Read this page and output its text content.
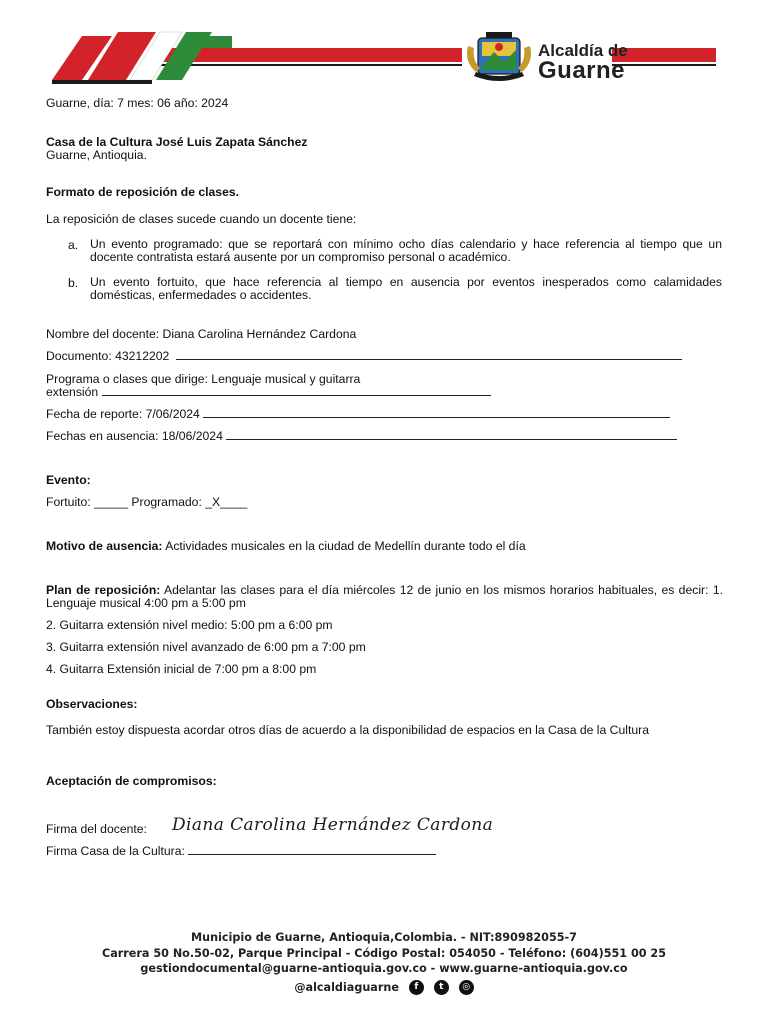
Alcaldía de
Guarne
Guarne, día: 7 mes: 06 año: 2024
Casa de la Cultura José Luis Zapata Sánchez
Guarne, Antioquia.
Formato de reposición de clases.
La reposición de clases sucede cuando un docente tiene:
a. Un evento programado: que se reportará con mínimo ocho días calendario y hace referencia al tiempo que un docente contratista estará ausente por un compromiso personal o académico.
b. Un evento fortuito, que hace referencia al tiempo en ausencia por eventos inesperados como calamidades domésticas, enfermedades o accidentes.
Nombre del docente: Diana Carolina Hernández Cardona
Documento: 43212202
Programa o clases que dirige: Lenguaje musical y guitarra
extensión
Fecha de reporte: 7/06/2024
Fechas en ausencia: 18/06/2024
Evento:
Fortuito: _____ Programado: _X____
Motivo de ausencia: Actividades musicales en la ciudad de Medellín durante todo el día
Plan de reposición: Adelantar las clases para el día miércoles 12 de junio en los mismos horarios habituales, es decir: 1. Lenguaje musical 4:00 pm a 5:00 pm
2. Guitarra extensión nivel medio: 5:00 pm a 6:00 pm
3. Guitarra extensión nivel avanzado de 6:00 pm a 7:00 pm
4. Guitarra Extensión inicial de 7:00 pm a 8:00 pm
Observaciones:
También estoy dispuesta acordar otros días de acuerdo a la disponibilidad de espacios en la Casa de la Cultura
Aceptación de compromisos:
Firma del docente: Diana Carolina Hernández Cardona
Firma Casa de la Cultura:
Municipio de Guarne, Antioquia,Colombia. - NIT:890982055-7
Carrera 50 No.50-02, Parque Principal - Código Postal: 054050 - Teléfono: (604)551 00 25
gestiondocumental@guarne-antioquia.gov.co - www.guarne-antioquia.gov.co
@alcaldiaguarne f t ◎
